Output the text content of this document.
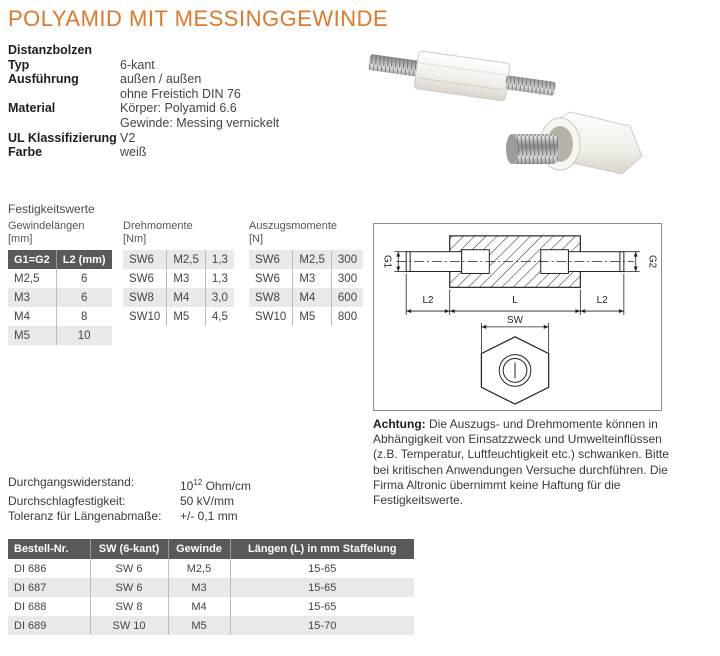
POLYAMID MIT MESSINGGEWINDE
Distanzbolzen
Typ	6-kant
Ausführung	außen / außen
ohne Freistich DIN 76
Material	Körper: Polyamid 6.6
Gewinde: Messing vernickelt
UL Klassifizierung V2
Farbe	weiß
Festigkeitswerte
Gewindelängen
[mm]
G1=G2	L2 (mm)
M2,5	6
M3	6
M4	8
M5	10
Drehmomente
[Nm]
SW6	M2,5	1,3
SW6	M3	1,3
SW8	M4	3,0
SW10	M5	4,5
Auszugsmomente
[N]
SW6	M2,5	300
SW6	M3	300
SW8	M4	600
SW10	M5	800
G1	G2
L2	L	L2
SW
Achtung: Die Auszugs- und Drehmomente können in Abhängigkeit von Einsatzzweck und Umwelteinflüssen (z.B. Temperatur, Luftfeuchtigkeit etc.) schwanken. Bitte bei kritischen Anwendungen Versuche durchführen. Die Firma Altronic übernimmt keine Haftung für die Festigkeitswerte.
Durchgangswiderstand:	$10^{12}$ Ohm/cm
Durchschlagfestigkeit:	50 kV/mm
Toleranz für Längenabmaße:	+/- 0,1 mm
Bestell-Nr.	SW (6-kant)	Gewinde	Längen (L) in mm Staffelung
DI 686	SW 6	M2,5	15-65
DI 687	SW 6	M3	15-65
DI 688	SW 8	M4	15-65
DI 689	SW 10	M5	15-70
